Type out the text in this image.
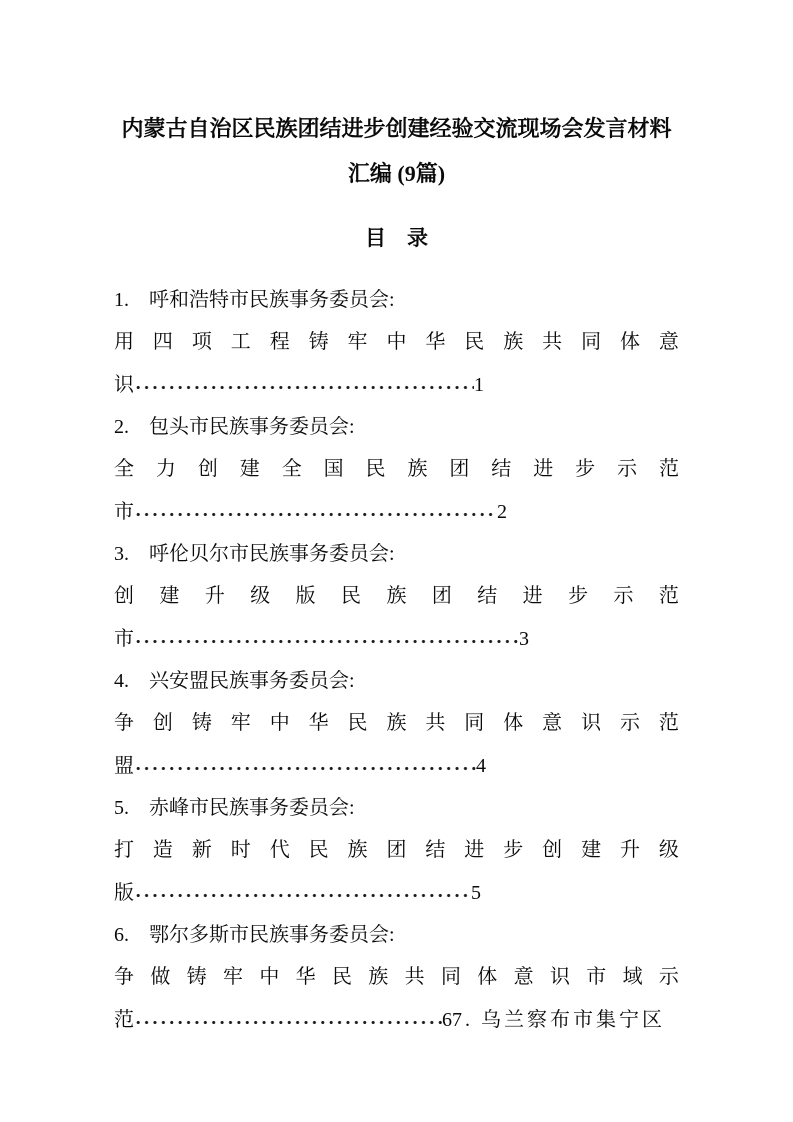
内蒙古自治区民族团结进步创建经验交流现场会发言材料
汇编 (9篇)
目　录
1.　呼和浩特市民族事务委员会:
用 四 项 工 程 铸 牢 中 华 民 族 共 同 体 意
识	1
2.　包头市民族事务委员会:
全 力 创 建 全 国 民 族 团 结 进 步 示 范
市	2
3.　呼伦贝尔市民族事务委员会:
创 建 升 级 版 民 族 团 结 进 步 示 范
市	3
4.　兴安盟民族事务委员会:
争 创 铸 牢 中 华 民 族 共 同 体 意 识 示 范
盟	4
5.　赤峰市民族事务委员会:
打 造 新 时 代 民 族 团 结 进 步 创 建 升 级
版	5
6.　鄂尔多斯市民族事务委员会:
争 做 铸 牢 中 华 民 族 共 同 体 意 识 市 域 示
范	6 7. 乌兰察布市集宁区
